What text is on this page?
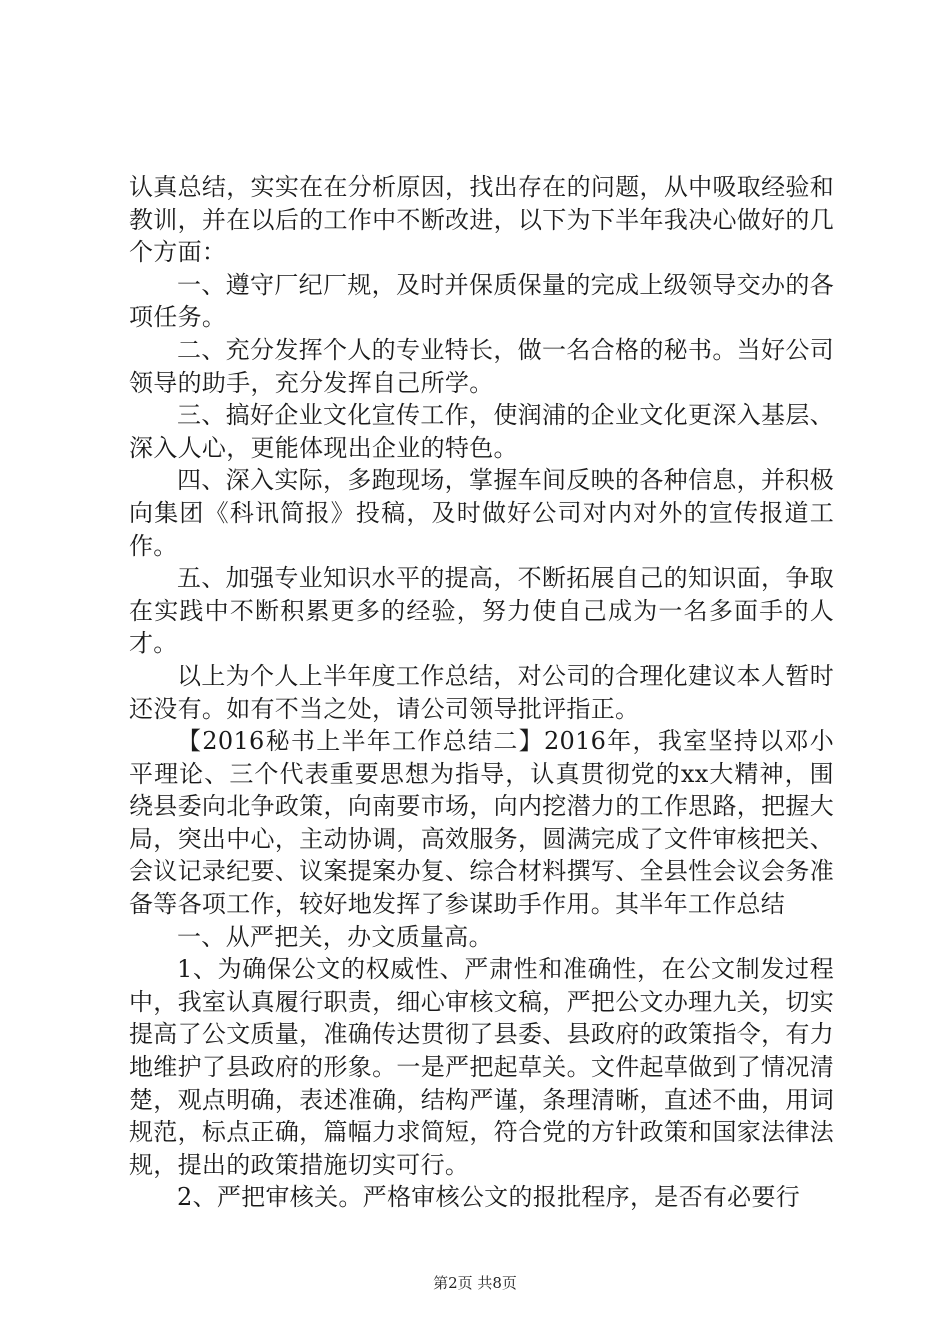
认真总结，实实在在分析原因，找出存在的问题，从中吸取经验和教训，并在以后的工作中不断改进，以下为下半年我决心做好的几个方面：

一、遵守厂纪厂规，及时并保质保量的完成上级领导交办的各项任务。

二、充分发挥个人的专业特长，做一名合格的秘书。当好公司领导的助手，充分发挥自己所学。

三、搞好企业文化宣传工作，使润浦的企业文化更深入基层、深入人心，更能体现出企业的特色。

四、深入实际，多跑现场，掌握车间反映的各种信息，并积极向集团《科讯简报》投稿，及时做好公司对内对外的宣传报道工作。

五、加强专业知识水平的提高，不断拓展自己的知识面，争取在实践中不断积累更多的经验，努力使自己成为一名多面手的人才。

以上为个人上半年度工作总结，对公司的合理化建议本人暂时还没有。如有不当之处，请公司领导批评指正。

【2016秘书上半年工作总结二】2016年，我室坚持以邓小平理论、三个代表重要思想为指导，认真贯彻党的xx大精神，围绕县委向北争政策，向南要市场，向内挖潜力的工作思路，把握大局，突出中心，主动协调，高效服务，圆满完成了文件审核把关、会议记录纪要、议案提案办复、综合材料撰写、全县性会议会务准备等各项工作，较好地发挥了参谋助手作用。其半年工作总结

一、从严把关，办文质量高。

1、为确保公文的权威性、严肃性和准确性，在公文制发过程中，我室认真履行职责，细心审核文稿，严把公文办理九关，切实提高了公文质量，准确传达贯彻了县委、县政府的政策指令，有力地维护了县政府的形象。一是严把起草关。文件起草做到了情况清楚，观点明确，表述准确，结构严谨，条理清晰，直述不曲，用词规范，标点正确，篇幅力求简短，符合党的方针政策和国家法律法规，提出的政策措施切实可行。

2、严把审核关。严格审核公文的报批程序，是否有必要行

第2页 共8页
